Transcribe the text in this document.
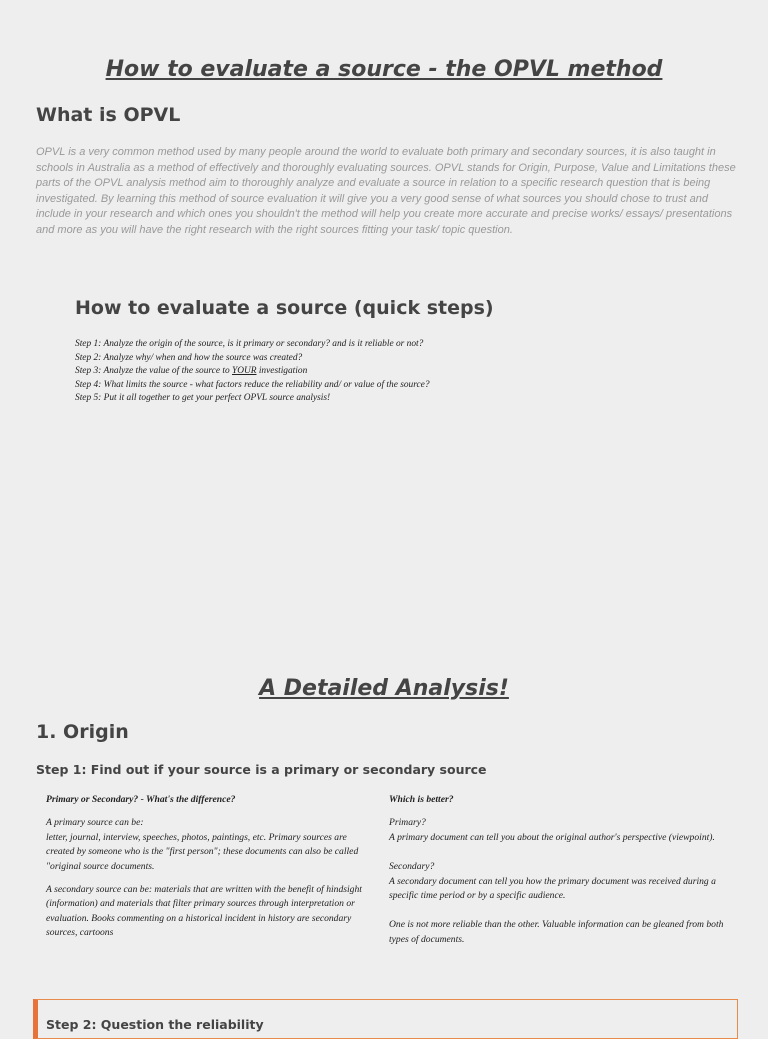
How to evaluate a source - the OPVL method
What is OPVL
OPVL is a very common method used by many people around the world to evaluate both primary and secondary sources, it is also taught in schools in Australia as a method of effectively and thoroughly evaluating sources. OPVL stands for Origin, Purpose, Value and Limitations these parts of the OPVL analysis method aim to thoroughly analyze and evaluate a source in relation to a specific research question that is being investigated. By learning this method of source evaluation it will give you a very good sense of what sources you should chose to trust and include in your research and which ones you shouldn't the method will help you create more accurate and precise works/ essays/ presentations and more as you will have the right research with the right sources fitting your task/ topic question.
How to evaluate a source (quick steps)
Step 1: Analyze the origin of the source, is it primary or secondary? and is it reliable or not?
Step 2: Analyze why/ when and how the source was created?
Step 3: Analyze the value of the source to YOUR investigation
Step 4: What limits the source - what factors reduce the reliability and/ or value of the source?
Step 5: Put it all together to get your perfect OPVL source analysis!
A Detailed Analysis!
1. Origin
Step 1: Find out if your source is a primary or secondary source
Primary or Secondary? - What's the difference?

A primary source can be:
letter, journal, interview, speeches, photos, paintings, etc. Primary sources are created by someone who is the "first person"; these documents can also be called "original source documents.

A secondary source can be: materials that are written with the benefit of hindsight (information) and materials that filter primary sources through interpretation or evaluation. Books commenting on a historical incident in history are secondary sources, cartoons

Which is better?

Primary?
A primary document can tell you about the original author's perspective (viewpoint).

Secondary?
A secondary document can tell you how the primary document was received during a specific time period or by a specific audience.

One is not more reliable than the other. Valuable information can be gleaned from both types of documents.

Step 2: Question the reliability
